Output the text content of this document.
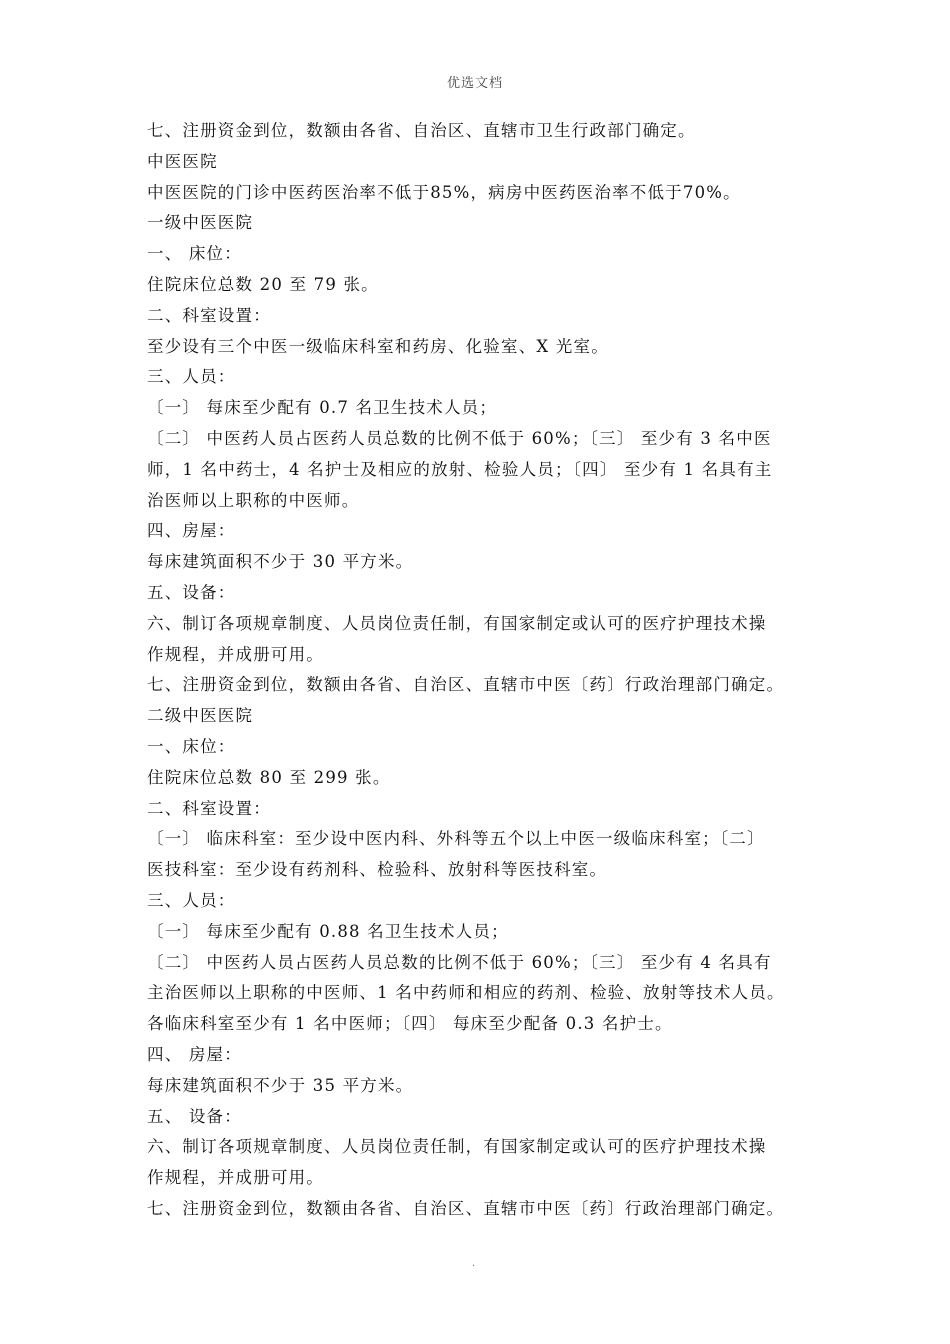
优选文档
七、注册资金到位，数额由各省、自治区、直辖市卫生行政部门确定。
中医医院
中医医院的门诊中医药医治率不低于85%，病房中医药医治率不低于70%。
一级中医医院
一、 床位：
住院床位总数 20 至 79 张。
二、科室设置：
至少设有三个中医一级临床科室和药房、化验室、X 光室。
三、人员：
〔一〕 每床至少配有 0.7 名卫生技术人员；
〔二〕 中医药人员占医药人员总数的比例不低于 60%；〔三〕 至少有 3 名中医
师，1 名中药士，4 名护士及相应的放射、检验人员；〔四〕 至少有 1 名具有主
治医师以上职称的中医师。
四、房屋：
每床建筑面积不少于 30 平方米。
五、设备：
六、制订各项规章制度、人员岗位责任制，有国家制定或认可的医疗护理技术操
作规程，并成册可用。
七、注册资金到位，数额由各省、自治区、直辖市中医〔药〕行政治理部门确定。
二级中医医院
一、床位：
住院床位总数 80 至 299 张。
二、科室设置：
〔一〕 临床科室：至少设中医内科、外科等五个以上中医一级临床科室；〔二〕
医技科室：至少设有药剂科、检验科、放射科等医技科室。
三、人员：
〔一〕 每床至少配有 0.88 名卫生技术人员；
〔二〕 中医药人员占医药人员总数的比例不低于 60%；〔三〕 至少有 4 名具有
主治医师以上职称的中医师、1 名中药师和相应的药剂、检验、放射等技术人员。
各临床科室至少有 1 名中医师；〔四〕 每床至少配备 0.3 名护士。
四、 房屋：
每床建筑面积不少于 35 平方米。
五、 设备：
六、制订各项规章制度、人员岗位责任制，有国家制定或认可的医疗护理技术操
作规程，并成册可用。
七、注册资金到位，数额由各省、自治区、直辖市中医〔药〕行政治理部门确定。
.
